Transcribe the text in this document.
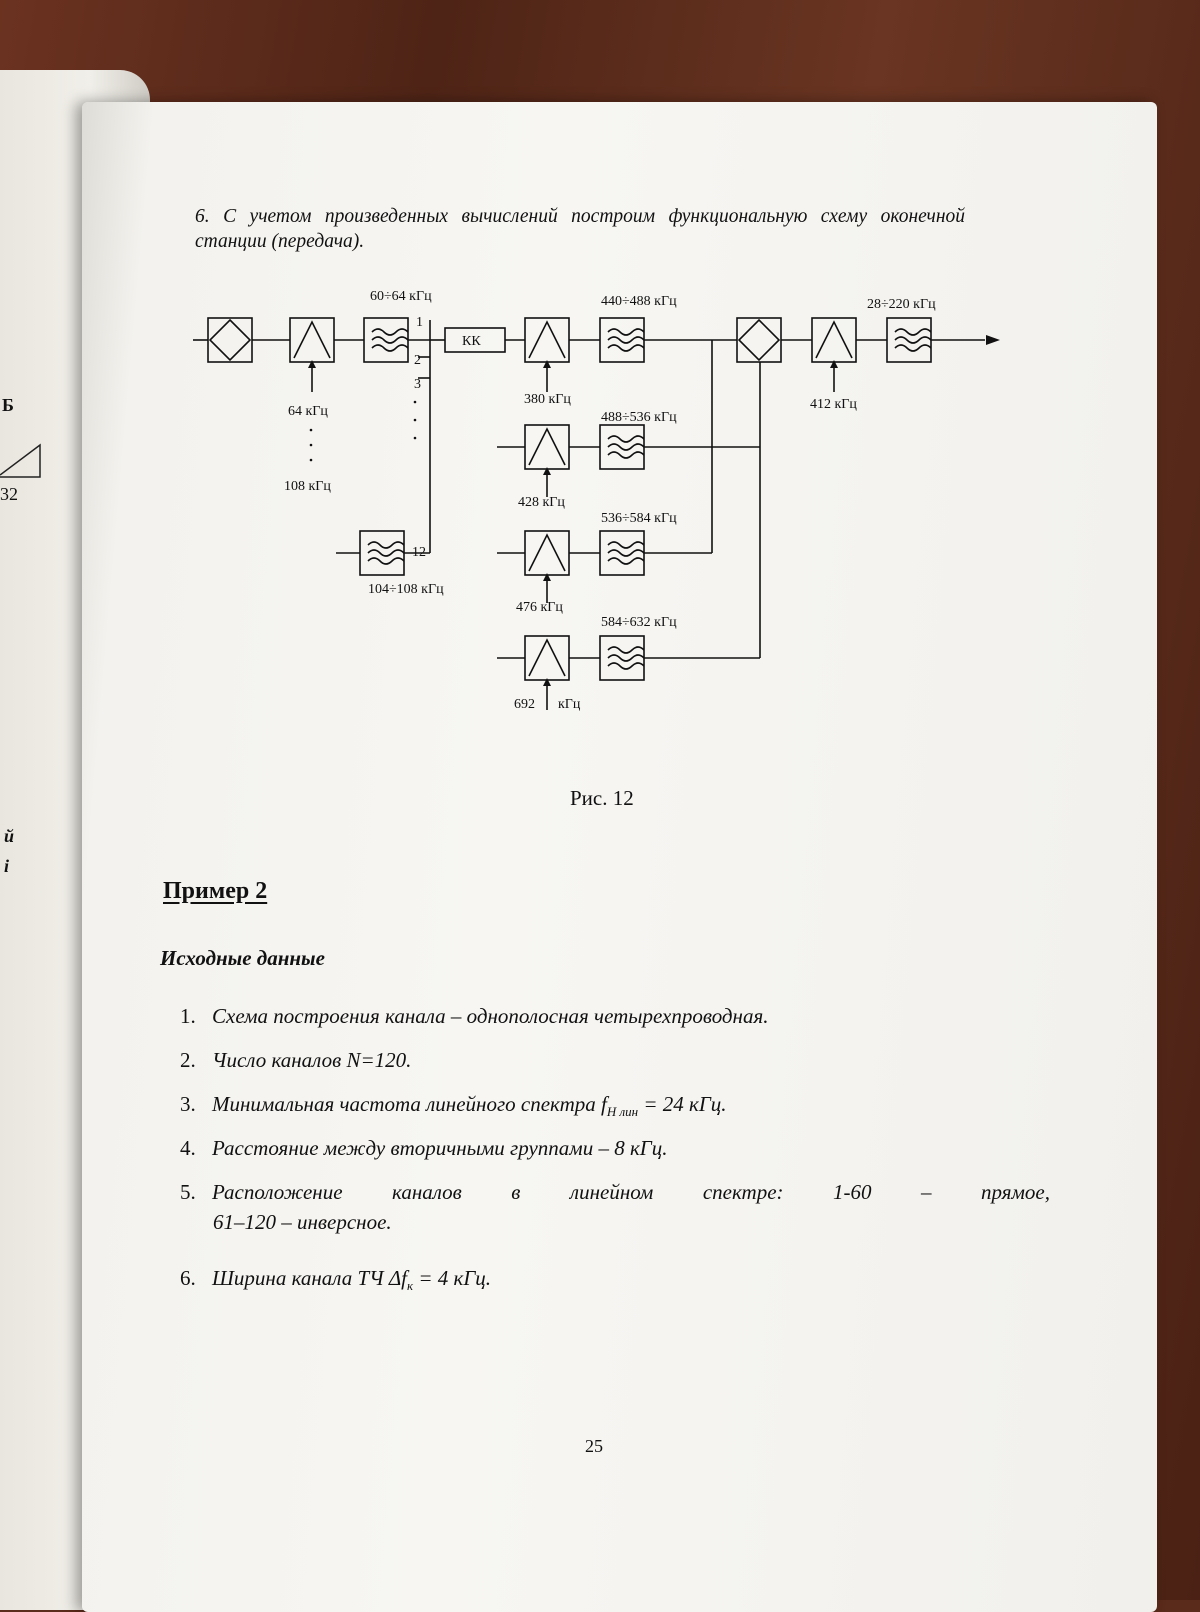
Б
32
й
і
6. С учетом произведенных вычислений построим функциональную схему оконечной станции (передача).
60÷64 кГц	440÷488 кГц	28÷220 кГц
КК
1
2
3
12
380 кГц	412 кГц
64 кГц
108 кГц
488÷536 кГц
428 кГц
536÷584 кГц
104÷108 кГц
476 кГц
584÷632 кГц
692 кГц
Рис. 12
Пример 2
Исходные данные
1. Схема построения канала – однополосная четырехпроводная.
2. Число каналов N=120.
3. Минимальная частота линейного спектра $f_{Н лин} = 24$ кГц.
4. Расстояние между вторичными группами – 8 кГц.
5. Расположение каналов в линейном спектре: 1-60 – прямое,
61–120 – инверсное.
6. Ширина канала ТЧ $\Delta f_к = 4$ кГц.
25
